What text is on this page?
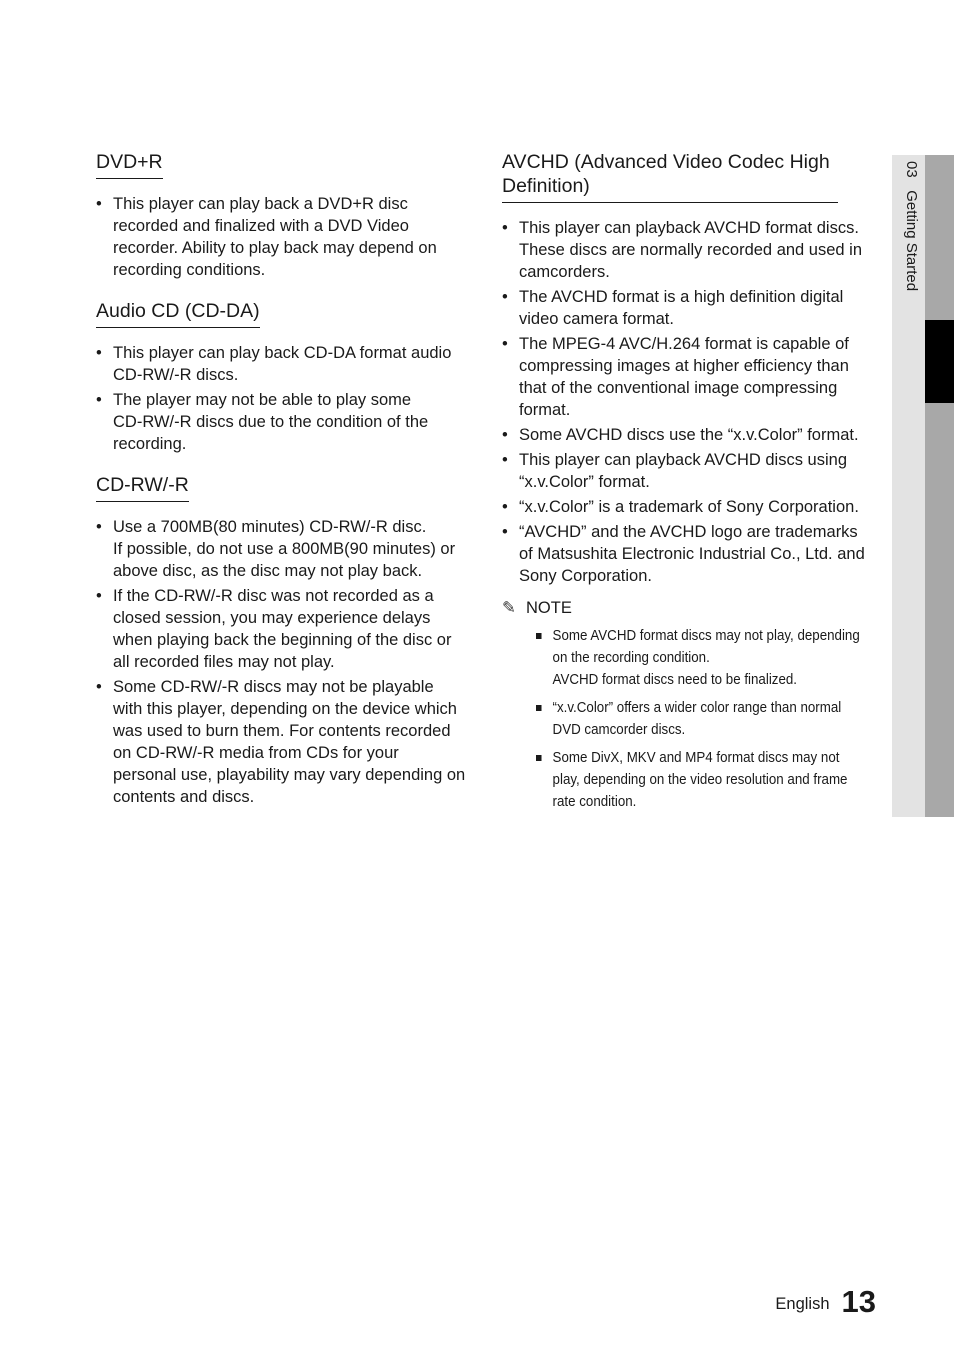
DVD+R
• This player can play back a DVD+R disc
recorded and finalized with a DVD Video
recorder. Ability to play back may depend on
recording conditions.
Audio CD (CD-DA)
• This player can play back CD-DA format audio
CD-RW/-R discs.
• The player may not be able to play some
CD-RW/-R discs due to the condition of the
recording.
CD-RW/-R
• Use a 700MB(80 minutes) CD-RW/-R disc.
If possible, do not use a 800MB(90 minutes) or
above disc, as the disc may not play back.
• If the CD-RW/-R disc was not recorded as a
closed session, you may experience delays
when playing back the beginning of the disc or
all recorded files may not play.
• Some CD-RW/-R discs may not be playable
with this player, depending on the device which
was used to burn them. For contents recorded
on CD-RW/-R media from CDs for your
personal use, playability may vary depending on
contents and discs.
AVCHD (Advanced Video Codec High
Definition)
• This player can playback AVCHD format discs.
These discs are normally recorded and used in
camcorders.
• The AVCHD format is a high definition digital
video camera format.
• The MPEG-4 AVC/H.264 format is capable of
compressing images at higher efficiency than
that of the conventional image compressing
format.
• Some AVCHD discs use the “x.v.Color” format.
• This player can playback AVCHD discs using
“x.v.Color” format.
• “x.v.Color” is a trademark of Sony Corporation.
• “AVCHD” and the AVCHD logo are trademarks
of Matsushita Electronic Industrial Co., Ltd. and
Sony Corporation.
✎ NOTE
Some AVCHD format discs may not play, depending
on the recording condition.
AVCHD format discs need to be finalized.
“x.v.Color” offers a wider color range than normal
DVD camcorder discs.
Some DivX, MKV and MP4 format discs may not
play, depending on the video resolution and frame
rate condition.
03   Getting Started
English 13
